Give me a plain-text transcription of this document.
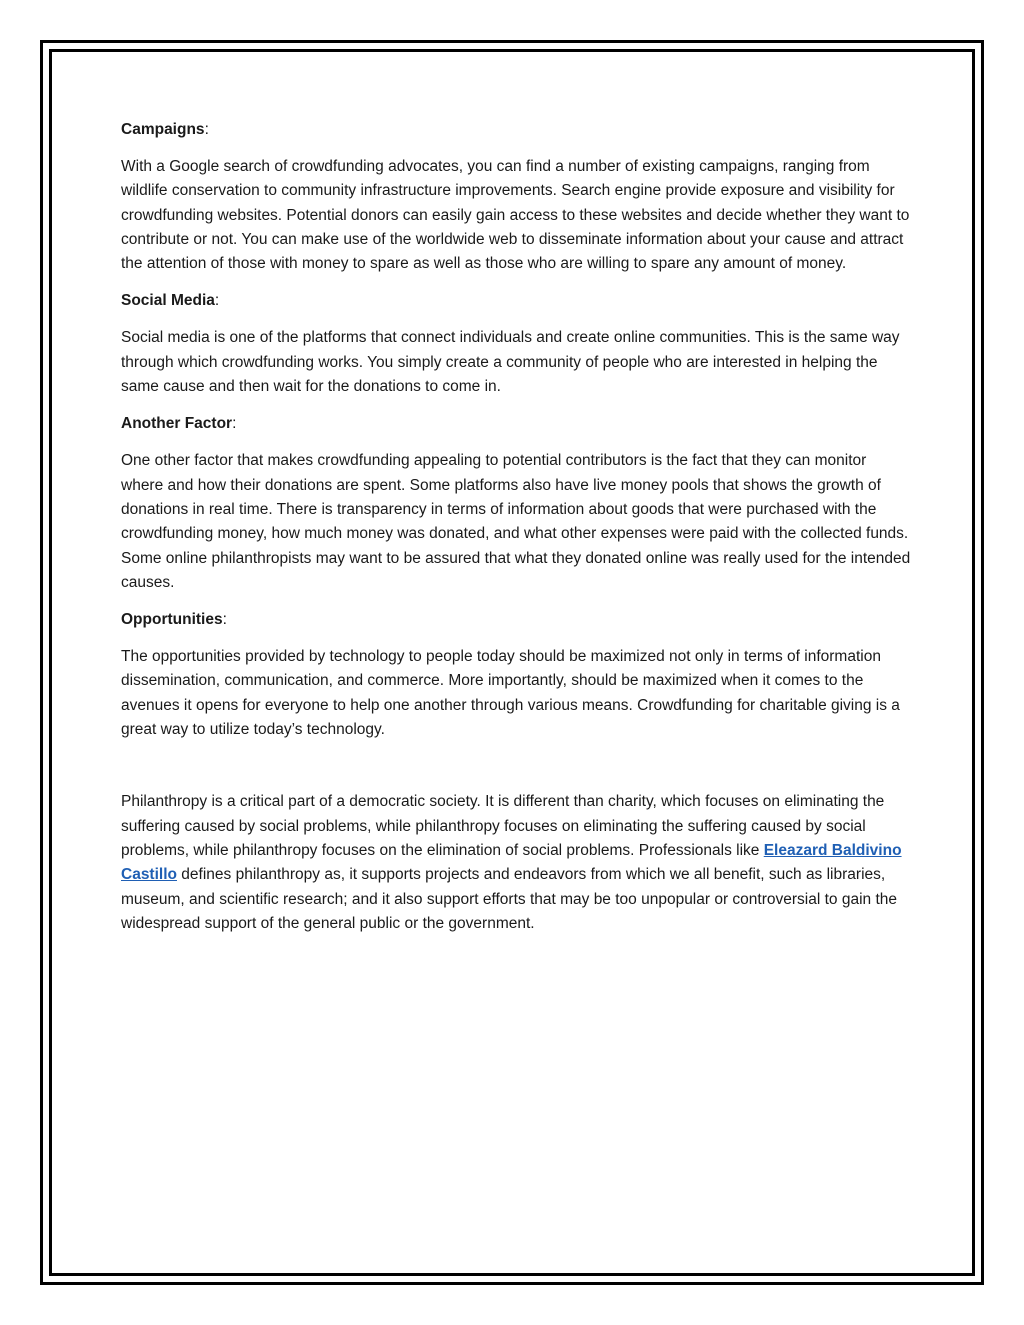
Campaigns:

With a Google search of crowdfunding advocates, you can find a number of existing campaigns, ranging from wildlife conservation to community infrastructure improvements. Search engine provide exposure and visibility for crowdfunding websites. Potential donors can easily gain access to these websites and decide whether they want to contribute or not. You can make use of the worldwide web to disseminate information about your cause and attract the attention of those with money to spare as well as those who are willing to spare any amount of money.

Social Media:

Social media is one of the platforms that connect individuals and create online communities. This is the same way through which crowdfunding works. You simply create a community of people who are interested in helping the same cause and then wait for the donations to come in.

Another Factor:

One other factor that makes crowdfunding appealing to potential contributors is the fact that they can monitor where and how their donations are spent. Some platforms also have live money pools that shows the growth of donations in real time. There is transparency in terms of information about goods that were purchased with the crowdfunding money, how much money was donated, and what other expenses were paid with the collected funds. Some online philanthropists may want to be assured that what they donated online was really used for the intended causes.

Opportunities:

The opportunities provided by technology to people today should be maximized not only in terms of information dissemination, communication, and commerce. More importantly, should be maximized when it comes to the avenues it opens for everyone to help one another through various means. Crowdfunding for charitable giving is a great way to utilize today’s technology.

Philanthropy is a critical part of a democratic society. It is different than charity, which focuses on eliminating the suffering caused by social problems, while philanthropy focuses on eliminating the suffering caused by social problems, while philanthropy focuses on the elimination of social problems. Professionals like Eleazard Baldivino Castillo defines philanthropy as, it supports projects and endeavors from which we all benefit, such as libraries, museum, and scientific research; and it also support efforts that may be too unpopular or controversial to gain the widespread support of the general public or the government.
